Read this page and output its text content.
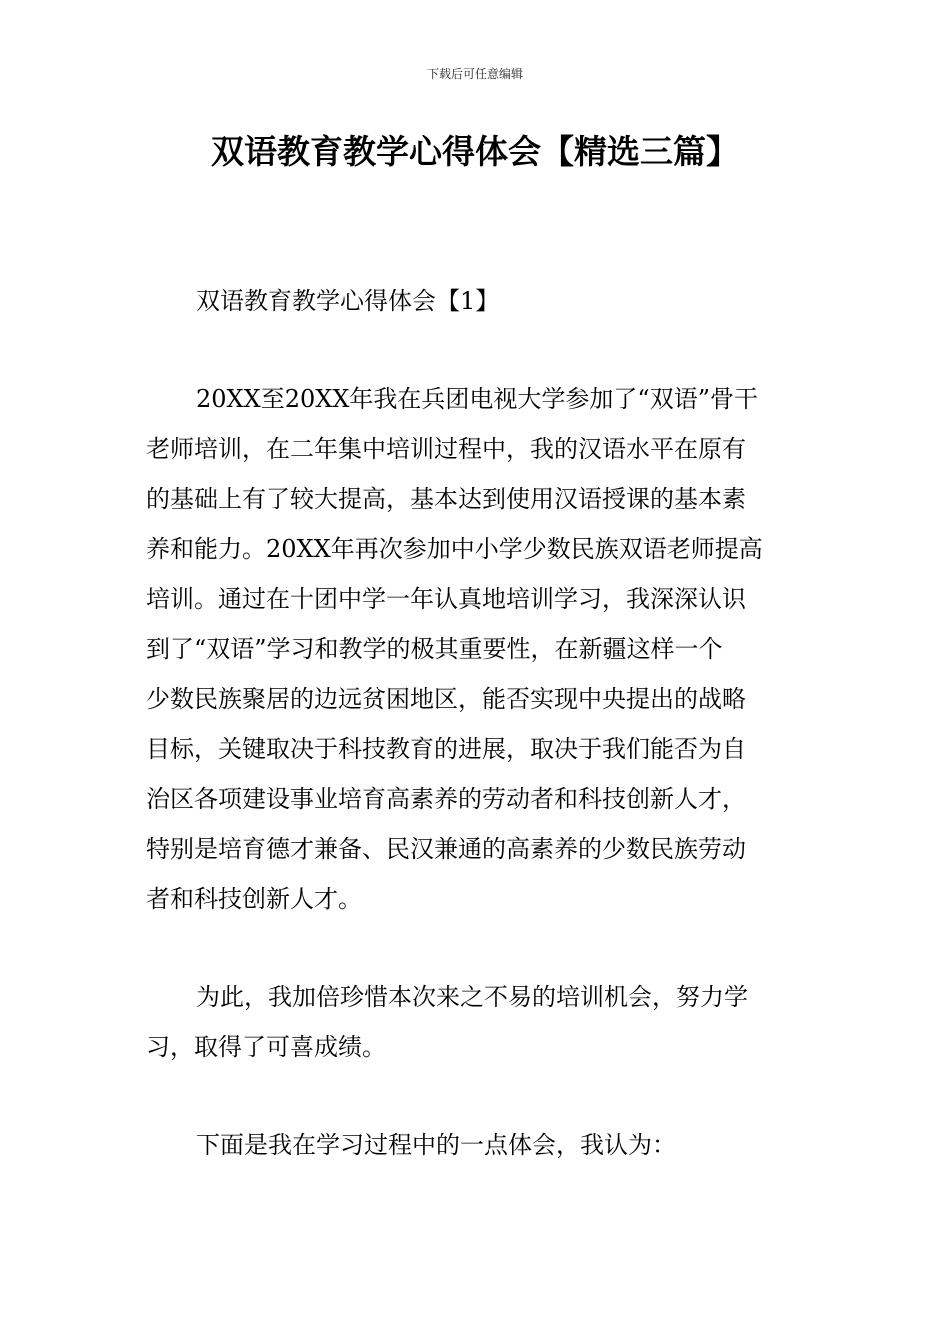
下载后可任意编辑
双语教育教学心得体会【精选三篇】
双语教育教学心得体会【1】

20XX至20XX年我在兵团电视大学参加了“双语”骨干
老师培训，在二年集中培训过程中，我的汉语水平在原有
的基础上有了较大提高，基本达到使用汉语授课的基本素
养和能力。20XX年再次参加中小学少数民族双语老师提高
培训。通过在十团中学一年认真地培训学习，我深深认识
到了“双语”学习和教学的极其重要性，在新疆这样一个
少数民族聚居的边远贫困地区，能否实现中央提出的战略
目标，关键取决于科技教育的进展，取决于我们能否为自
治区各项建设事业培育高素养的劳动者和科技创新人才，
特别是培育德才兼备、民汉兼通的高素养的少数民族劳动
者和科技创新人才。

为此，我加倍珍惜本次来之不易的培训机会，努力学
习，取得了可喜成绩。

下面是我在学习过程中的一点体会，我认为：
